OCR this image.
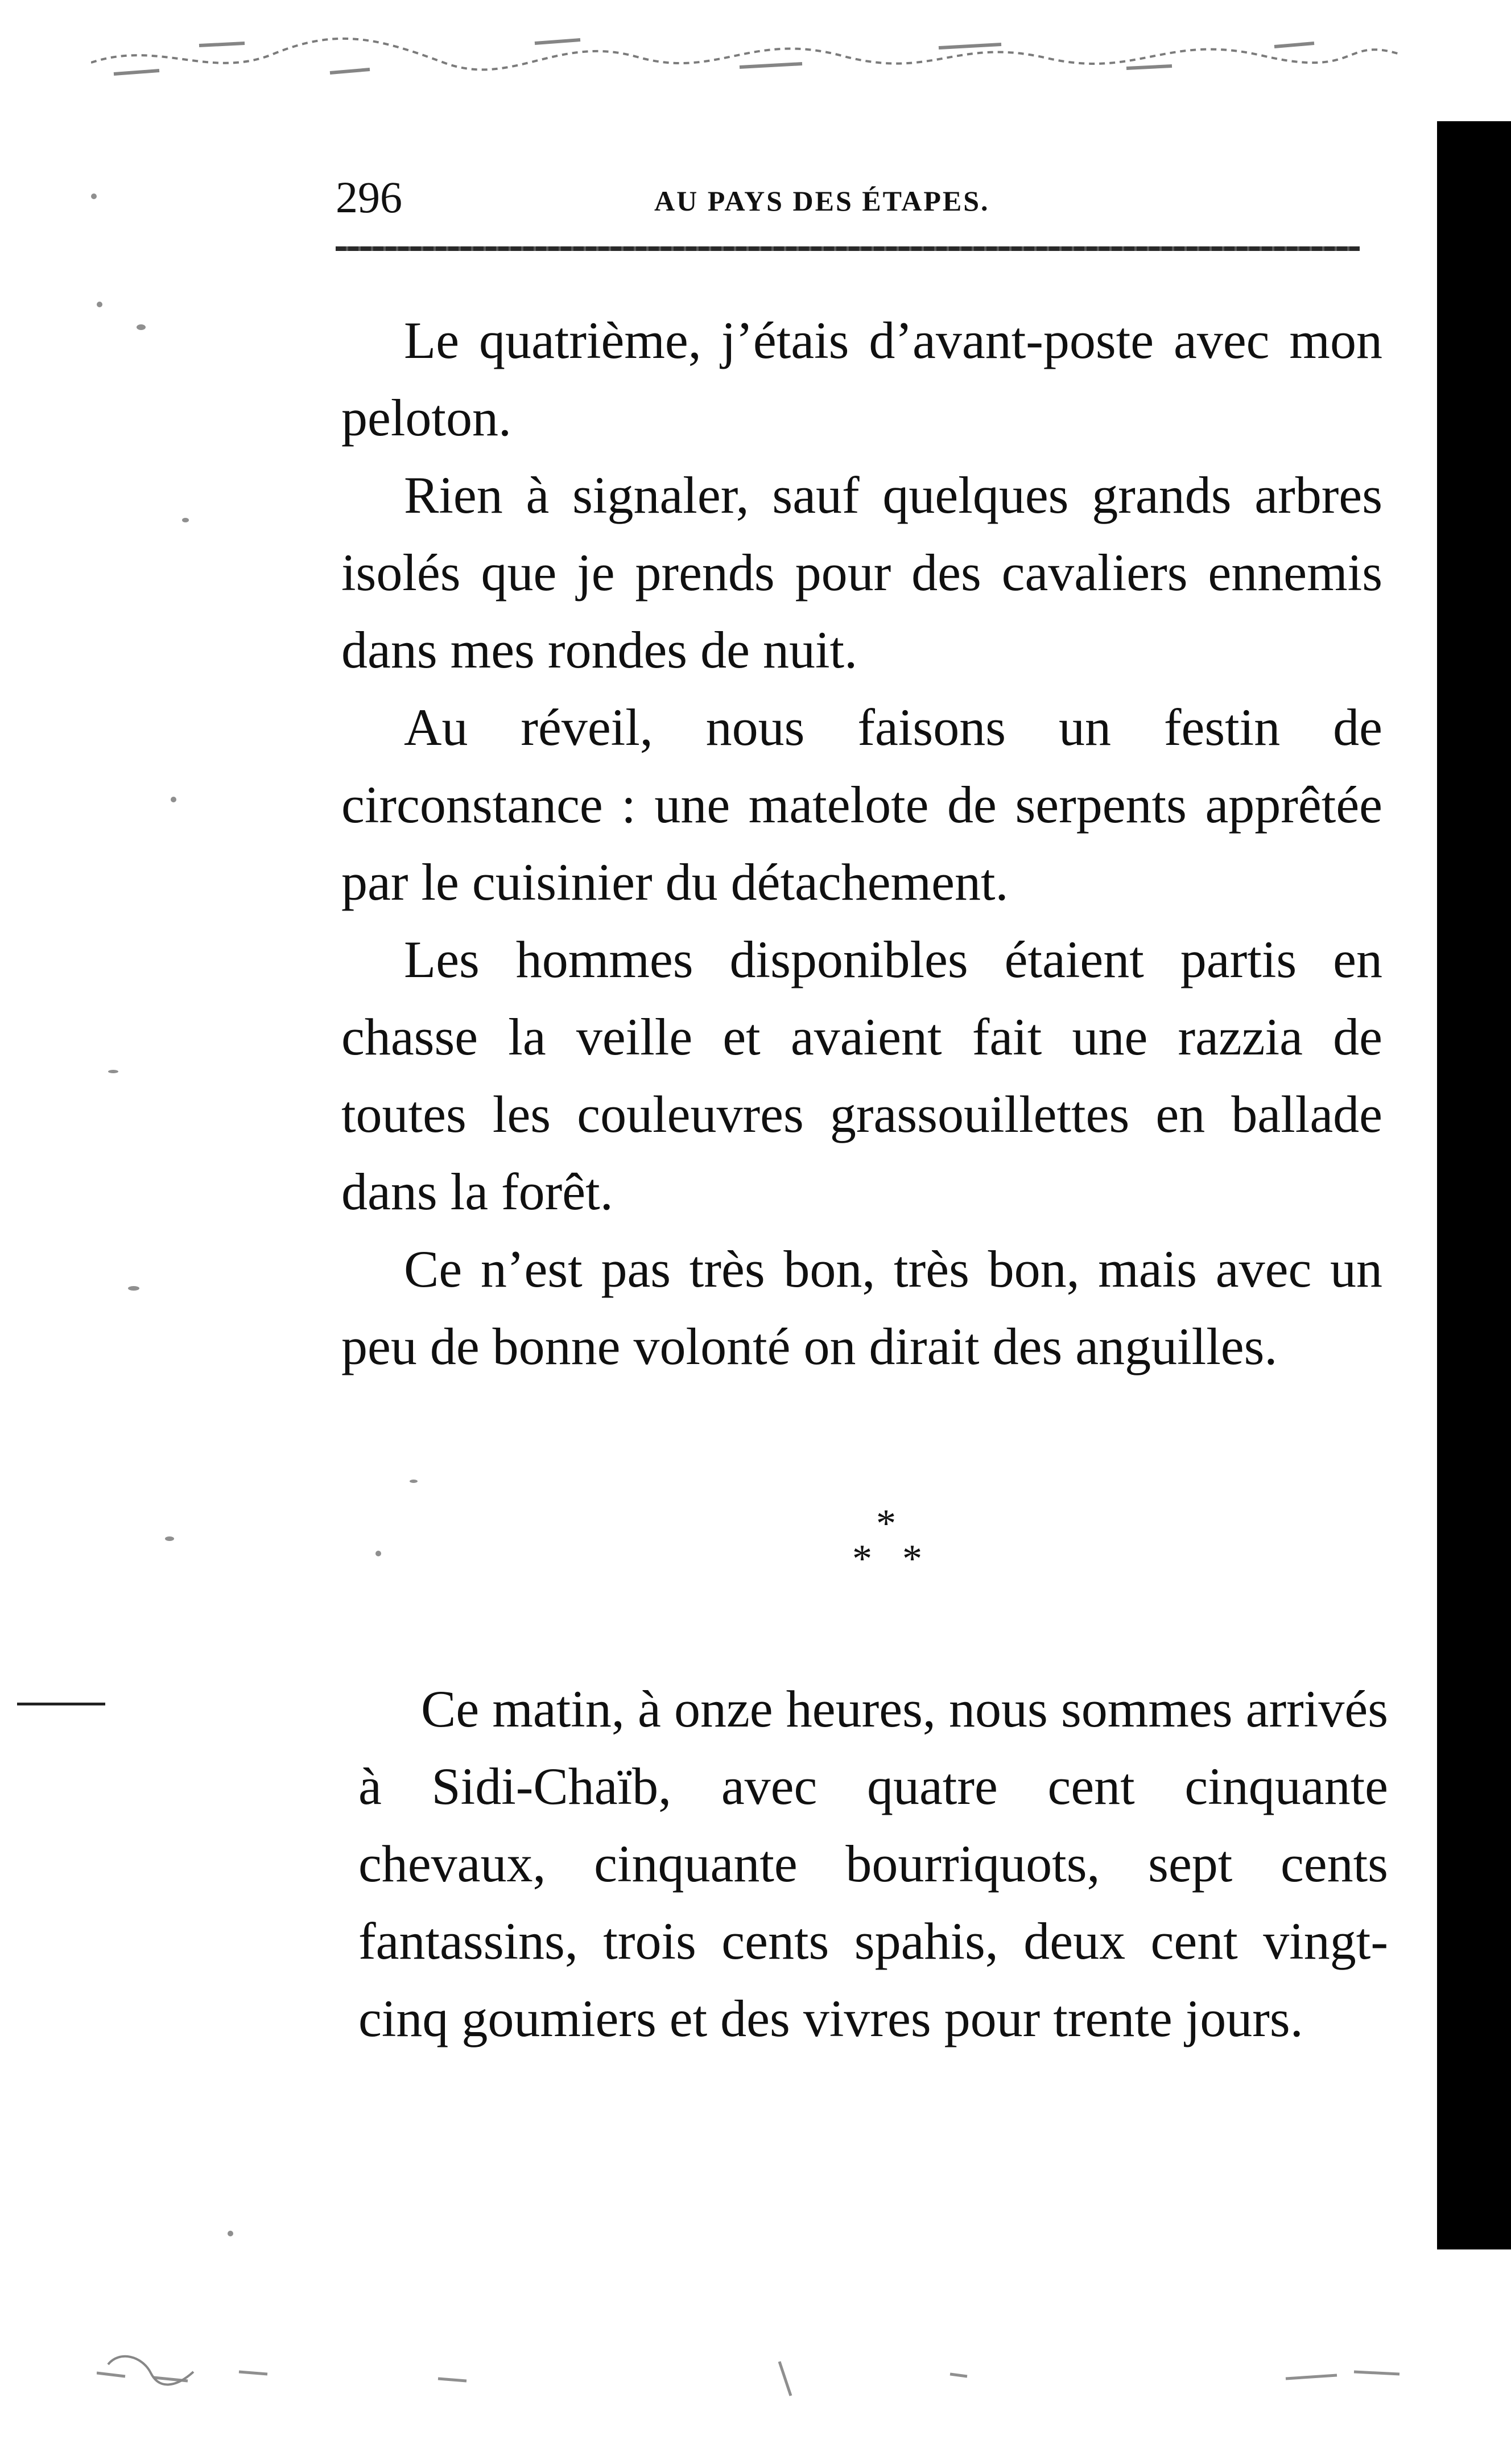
296	AU PAYS DES ÉTAPES.

Le quatrième, j’étais d’avant-poste avec mon peloton.

Rien à signaler, sauf quelques grands arbres isolés que je prends pour des cavaliers ennemis dans mes rondes de nuit.

Au réveil, nous faisons un festin de circonstance : une matelote de serpents apprêtée par le cuisinier du détachement.

Les hommes disponibles étaient partis en chasse la veille et avaient fait une razzia de toutes les couleuvres grassouillettes en ballade dans la forêt.

Ce n’est pas très bon, très bon, mais avec un peu de bonne volonté on dirait des anguilles.

*
* *

Ce matin, à onze heures, nous sommes arrivés à Sidi-Chaïb, avec quatre cent cinquante chevaux, cinquante bourriquots, sept cents fantassins, trois cents spahis, deux cent vingt-cinq goumiers et des vivres pour trente jours.
